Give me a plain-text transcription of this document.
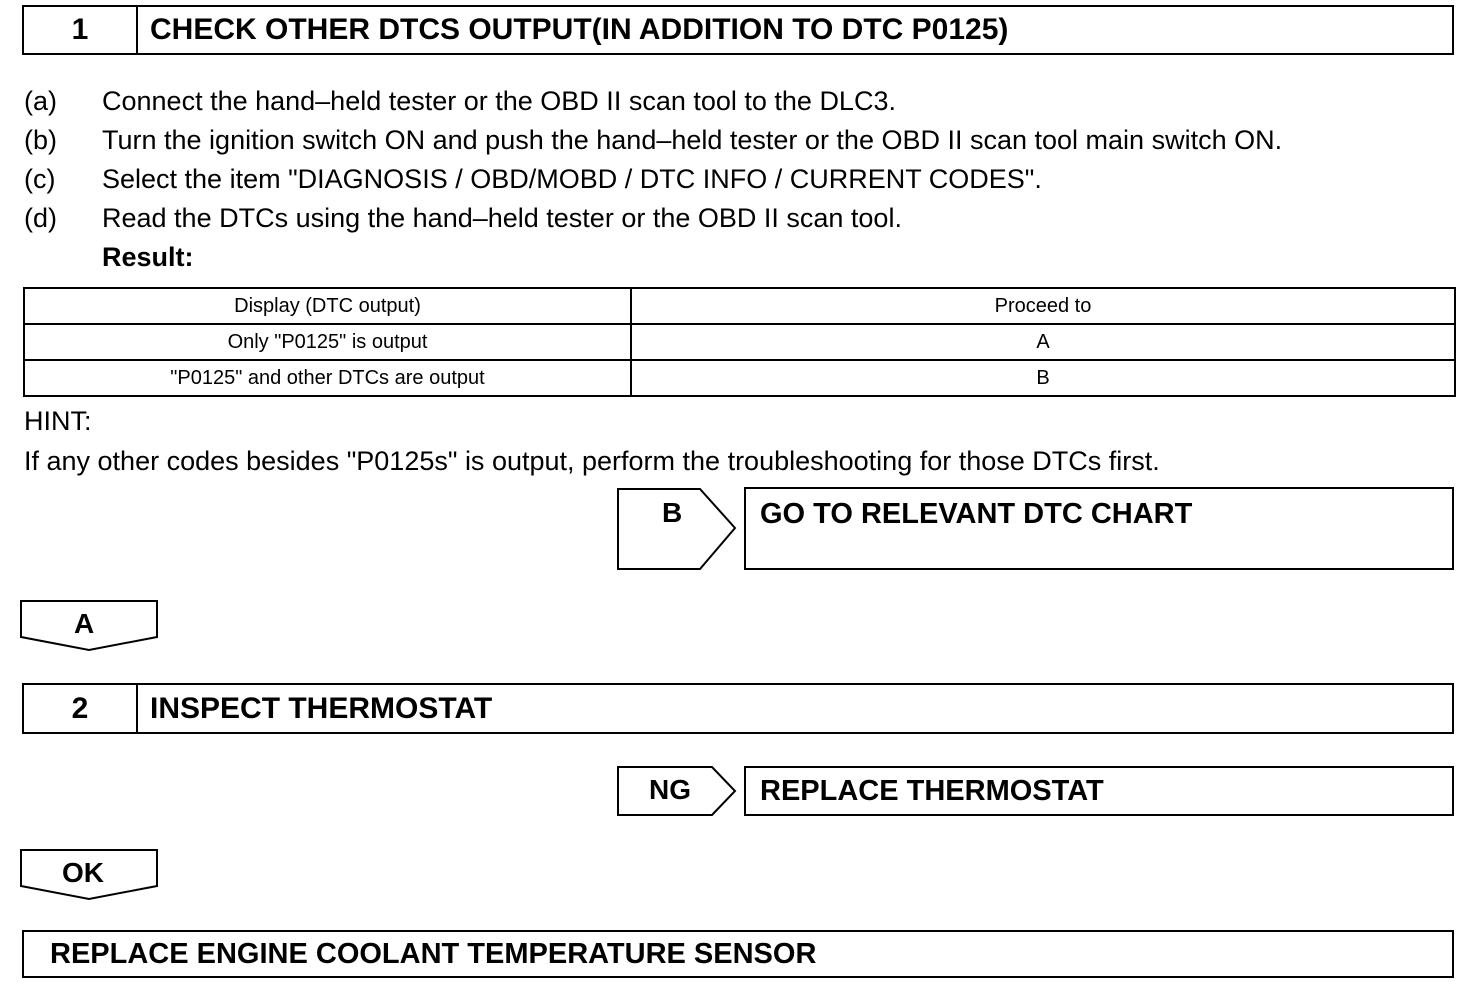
1	CHECK OTHER DTCS OUTPUT(IN ADDITION TO DTC P0125)
(a)	Connect the hand–held tester or the OBD II scan tool to the DLC3.
(b)	Turn the ignition switch ON and push the hand–held tester or the OBD II scan tool main switch ON.
(c)	Select the item "DIAGNOSIS / OBD/MOBD / DTC INFO / CURRENT CODES".
(d)	Read the DTCs using the hand–held tester or the OBD II scan tool.
Result:
Display (DTC output)	Proceed to
Only "P0125" is output	A
"P0125" and other DTCs are output	B
HINT:
If any other codes besides "P0125s" is output, perform the troubleshooting for those DTCs first.
B	GO TO RELEVANT DTC CHART
A
2	INSPECT THERMOSTAT
NG	REPLACE THERMOSTAT
OK
REPLACE ENGINE COOLANT TEMPERATURE SENSOR
